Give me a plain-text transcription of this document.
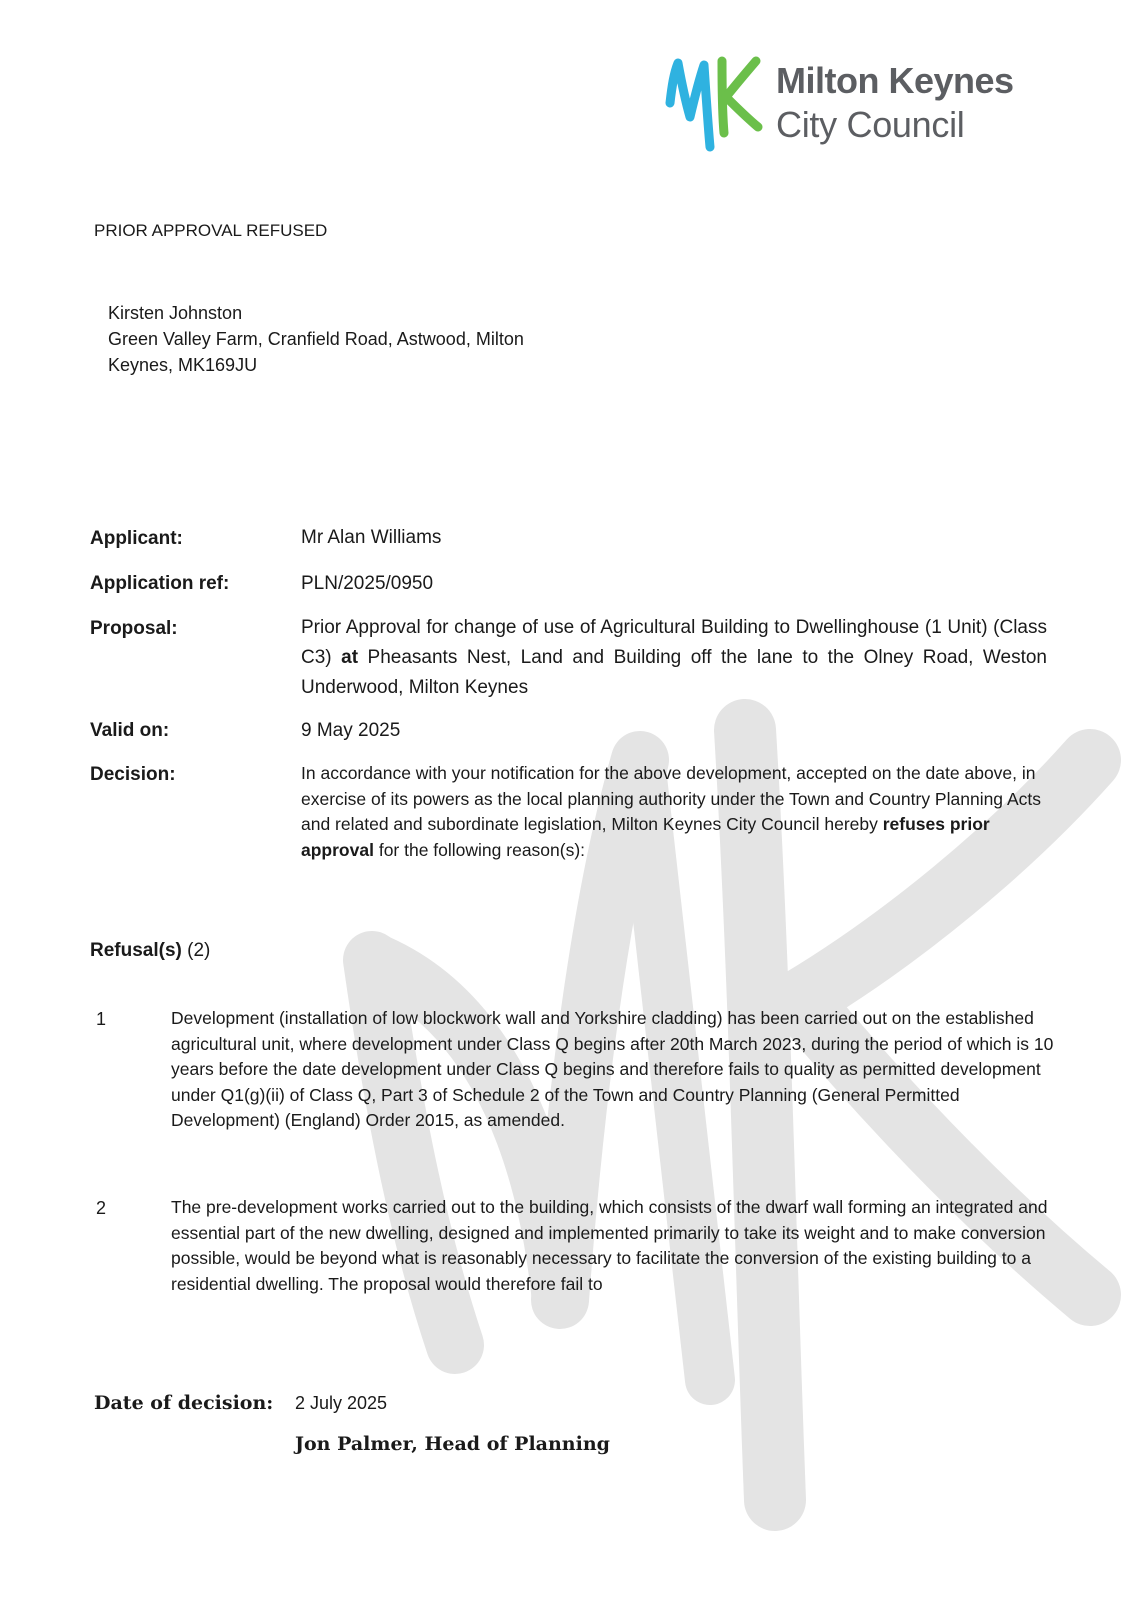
Milton Keynes
City Council
PRIOR APPROVAL REFUSED
Kirsten Johnston
Green Valley Farm, Cranfield Road, Astwood, Milton
Keynes, MK169JU
Applicant:	Mr Alan Williams
Application ref:	PLN/2025/0950
Proposal:	Prior Approval for change of use of Agricultural Building to Dwellinghouse (1 Unit) (Class C3) at Pheasants Nest, Land and Building off the lane to the Olney Road, Weston Underwood, Milton Keynes
Valid on:	9 May 2025
Decision:	In accordance with your notification for the above development, accepted on the date above, in exercise of its powers as the local planning authority under the Town and Country Planning Acts and related and subordinate legislation, Milton Keynes City Council hereby refuses prior approval for the following reason(s):
Refusal(s) (2)
1	Development (installation of low blockwork wall and Yorkshire cladding) has been carried out on the established agricultural unit, where development under Class Q begins after 20th March 2023, during the period of which is 10 years before the date development under Class Q begins and therefore fails to quality as permitted development under Q1(g)(ii) of Class Q, Part 3 of Schedule 2 of the Town and Country Planning (General Permitted Development) (England) Order 2015, as amended.
2	The pre-development works carried out to the building, which consists of the dwarf wall forming an integrated and essential part of the new dwelling, designed and implemented primarily to take its weight and to make conversion possible, would be beyond what is reasonably necessary to facilitate the conversion of the existing building to a residential dwelling. The proposal would therefore fail to
Date of decision: 2 July 2025
Jon Palmer, Head of Planning
